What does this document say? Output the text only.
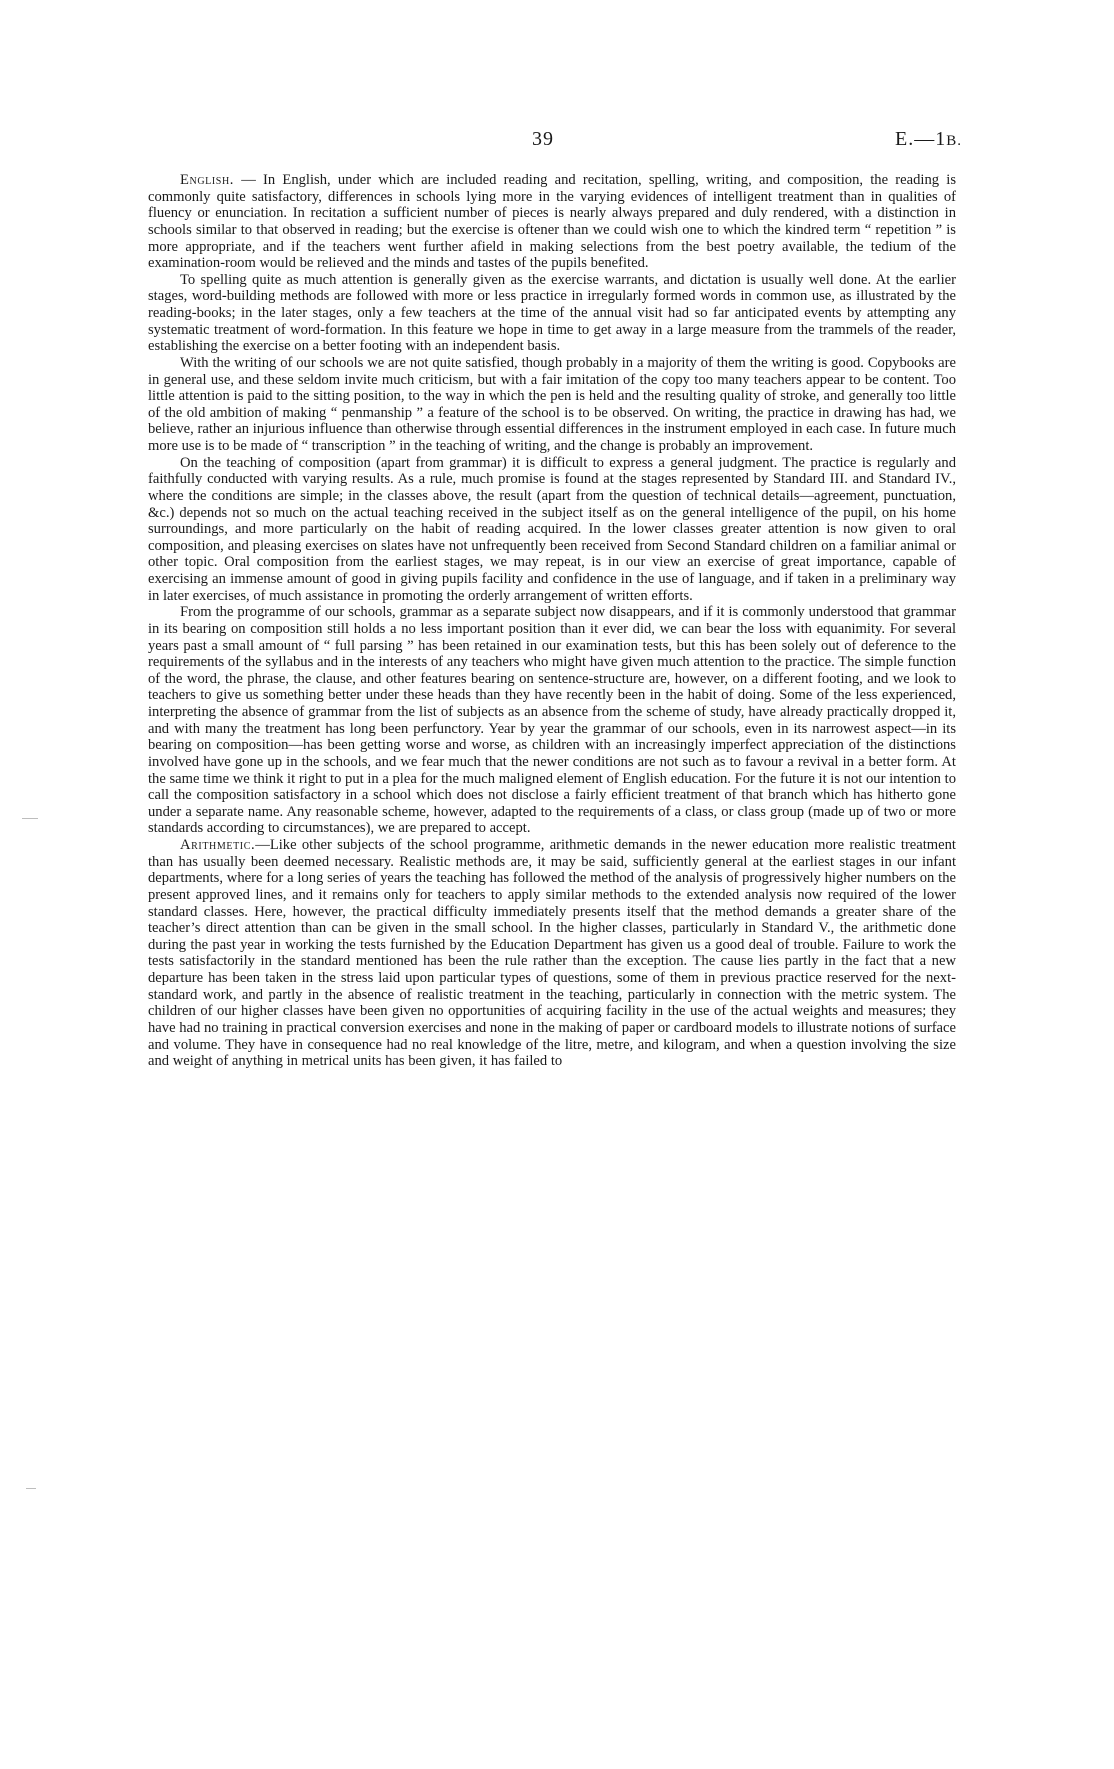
39	E.—1B.

English. — In English, under which are included reading and recitation, spelling, writing, and composition, the reading is commonly quite satisfactory, differences in schools lying more in the varying evidences of intelligent treatment than in qualities of fluency or enunciation. In recitation a sufficient number of pieces is nearly always prepared and duly rendered, with a distinction in schools similar to that observed in reading; but the exercise is oftener than we could wish one to which the kindred term “ repetition ” is more appropriate, and if the teachers went further afield in making selections from the best poetry available, the tedium of the examination-room would be relieved and the minds and tastes of the pupils benefited.

To spelling quite as much attention is generally given as the exercise warrants, and dictation is usually well done. At the earlier stages, word-building methods are followed with more or less practice in irregularly formed words in common use, as illustrated by the reading-books; in the later stages, only a few teachers at the time of the annual visit had so far anticipated events by attempting any systematic treatment of word-formation. In this feature we hope in time to get away in a large measure from the trammels of the reader, establishing the exercise on a better footing with an independent basis.

With the writing of our schools we are not quite satisfied, though probably in a majority of them the writing is good. Copybooks are in general use, and these seldom invite much criticism, but with a fair imitation of the copy too many teachers appear to be content. Too little attention is paid to the sitting position, to the way in which the pen is held and the resulting quality of stroke, and generally too little of the old ambition of making “ penmanship ” a feature of the school is to be observed. On writing, the practice in drawing has had, we believe, rather an injurious influence than otherwise through essential differences in the instrument employed in each case. In future much more use is to be made of “ transcription ” in the teaching of writing, and the change is probably an improvement.

On the teaching of composition (apart from grammar) it is difficult to express a general judgment. The practice is regularly and faithfully conducted with varying results. As a rule, much promise is found at the stages represented by Standard III. and Standard IV., where the conditions are simple; in the classes above, the result (apart from the question of technical details—agreement, punctuation, &c.) depends not so much on the actual teaching received in the subject itself as on the general intelligence of the pupil, on his home surroundings, and more particularly on the habit of reading acquired. In the lower classes greater attention is now given to oral composition, and pleasing exercises on slates have not unfrequently been received from Second Standard children on a familiar animal or other topic. Oral composition from the earliest stages, we may repeat, is in our view an exercise of great importance, capable of exercising an immense amount of good in giving pupils facility and confidence in the use of language, and if taken in a preliminary way in later exercises, of much assistance in promoting the orderly arrangement of written efforts.

From the programme of our schools, grammar as a separate subject now disappears, and if it is commonly understood that grammar in its bearing on composition still holds a no less important position than it ever did, we can bear the loss with equanimity. For several years past a small amount of “ full parsing ” has been retained in our examination tests, but this has been solely out of deference to the requirements of the syllabus and in the interests of any teachers who might have given much attention to the practice. The simple function of the word, the phrase, the clause, and other features bearing on sentence-structure are, however, on a different footing, and we look to teachers to give us something better under these heads than they have recently been in the habit of doing. Some of the less experienced, interpreting the absence of grammar from the list of subjects as an absence from the scheme of study, have already practically dropped it, and with many the treatment has long been perfunctory. Year by year the grammar of our schools, even in its narrowest aspect—in its bearing on composition—has been getting worse and worse, as children with an increasingly imperfect appreciation of the distinctions involved have gone up in the schools, and we fear much that the newer conditions are not such as to favour a revival in a better form. At the same time we think it right to put in a plea for the much maligned element of English education. For the future it is not our intention to call the composition satisfactory in a school which does not disclose a fairly efficient treatment of that branch which has hitherto gone under a separate name. Any reasonable scheme, however, adapted to the requirements of a class, or class group (made up of two or more standards according to circumstances), we are prepared to accept.

Arithmetic.—Like other subjects of the school programme, arithmetic demands in the newer education more realistic treatment than has usually been deemed necessary. Realistic methods are, it may be said, sufficiently general at the earliest stages in our infant departments, where for a long series of years the teaching has followed the method of the analysis of progressively higher numbers on the present approved lines, and it remains only for teachers to apply similar methods to the extended analysis now required of the lower standard classes. Here, however, the practical difficulty immediately presents itself that the method demands a greater share of the teacher’s direct attention than can be given in the small school. In the higher classes, particularly in Standard V., the arithmetic done during the past year in working the tests furnished by the Education Department has given us a good deal of trouble. Failure to work the tests satisfactorily in the standard mentioned has been the rule rather than the exception. The cause lies partly in the fact that a new departure has been taken in the stress laid upon particular types of questions, some of them in previous practice reserved for the next-standard work, and partly in the absence of realistic treatment in the teaching, particularly in connection with the metric system. The children of our higher classes have been given no opportunities of acquiring facility in the use of the actual weights and measures; they have had no training in practical conversion exercises and none in the making of paper or cardboard models to illustrate notions of surface and volume. They have in consequence had no real knowledge of the litre, metre, and kilogram, and when a question involving the size and weight of anything in metrical units has been given, it has failed to
